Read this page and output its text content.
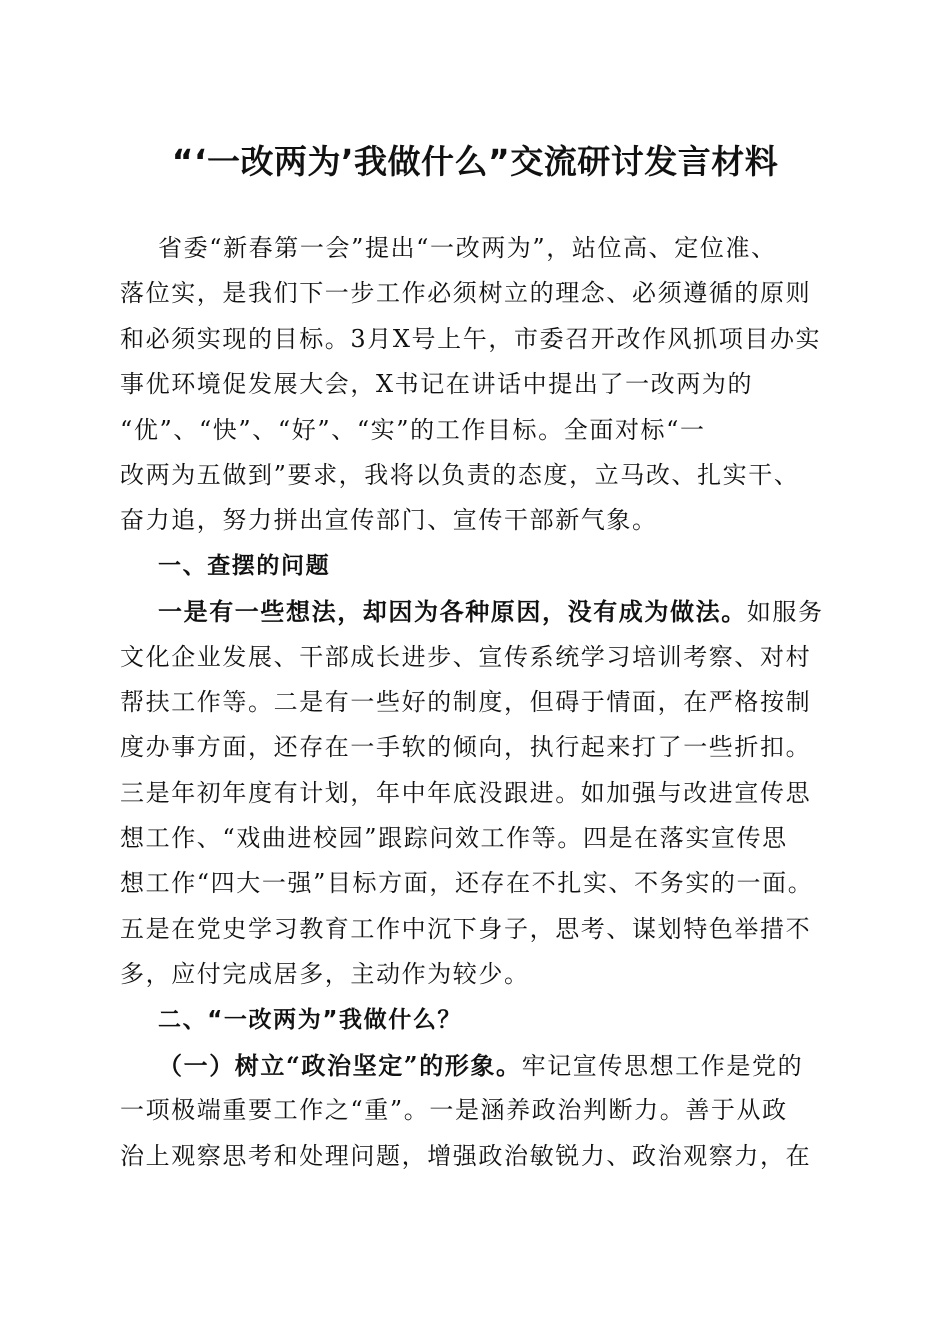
“‘一改两为’我做什么”交流研讨发言材料
省委“新春第一会”提出“一改两为”，站位高、定位准、
落位实，是我们下一步工作必须树立的理念、必须遵循的原则
和必须实现的目标。3月X号上午，市委召开改作风抓项目办实
事优环境促发展大会，X书记在讲话中提出了一改两为的
“优”、“快”、“好”、“实”的工作目标。全面对标“一
改两为五做到”要求，我将以负责的态度，立马改、扎实干、
奋力追，努力拼出宣传部门、宣传干部新气象。
一、查摆的问题
一是有一些想法，却因为各种原因，没有成为做法。如服务
文化企业发展、干部成长进步、宣传系统学习培训考察、对村
帮扶工作等。二是有一些好的制度，但碍于情面，在严格按制
度办事方面，还存在一手软的倾向，执行起来打了一些折扣。
三是年初年度有计划，年中年底没跟进。如加强与改进宣传思
想工作、“戏曲进校园”跟踪问效工作等。四是在落实宣传思
想工作“四大一强”目标方面，还存在不扎实、不务实的一面。
五是在党史学习教育工作中沉下身子，思考、谋划特色举措不
多，应付完成居多，主动作为较少。
二、“一改两为”我做什么？
（一）树立“政治坚定”的形象。牢记宣传思想工作是党的
一项极端重要工作之“重”。一是涵养政治判断力。善于从政
治上观察思考和处理问题，增强政治敏锐力、政治观察力，在
